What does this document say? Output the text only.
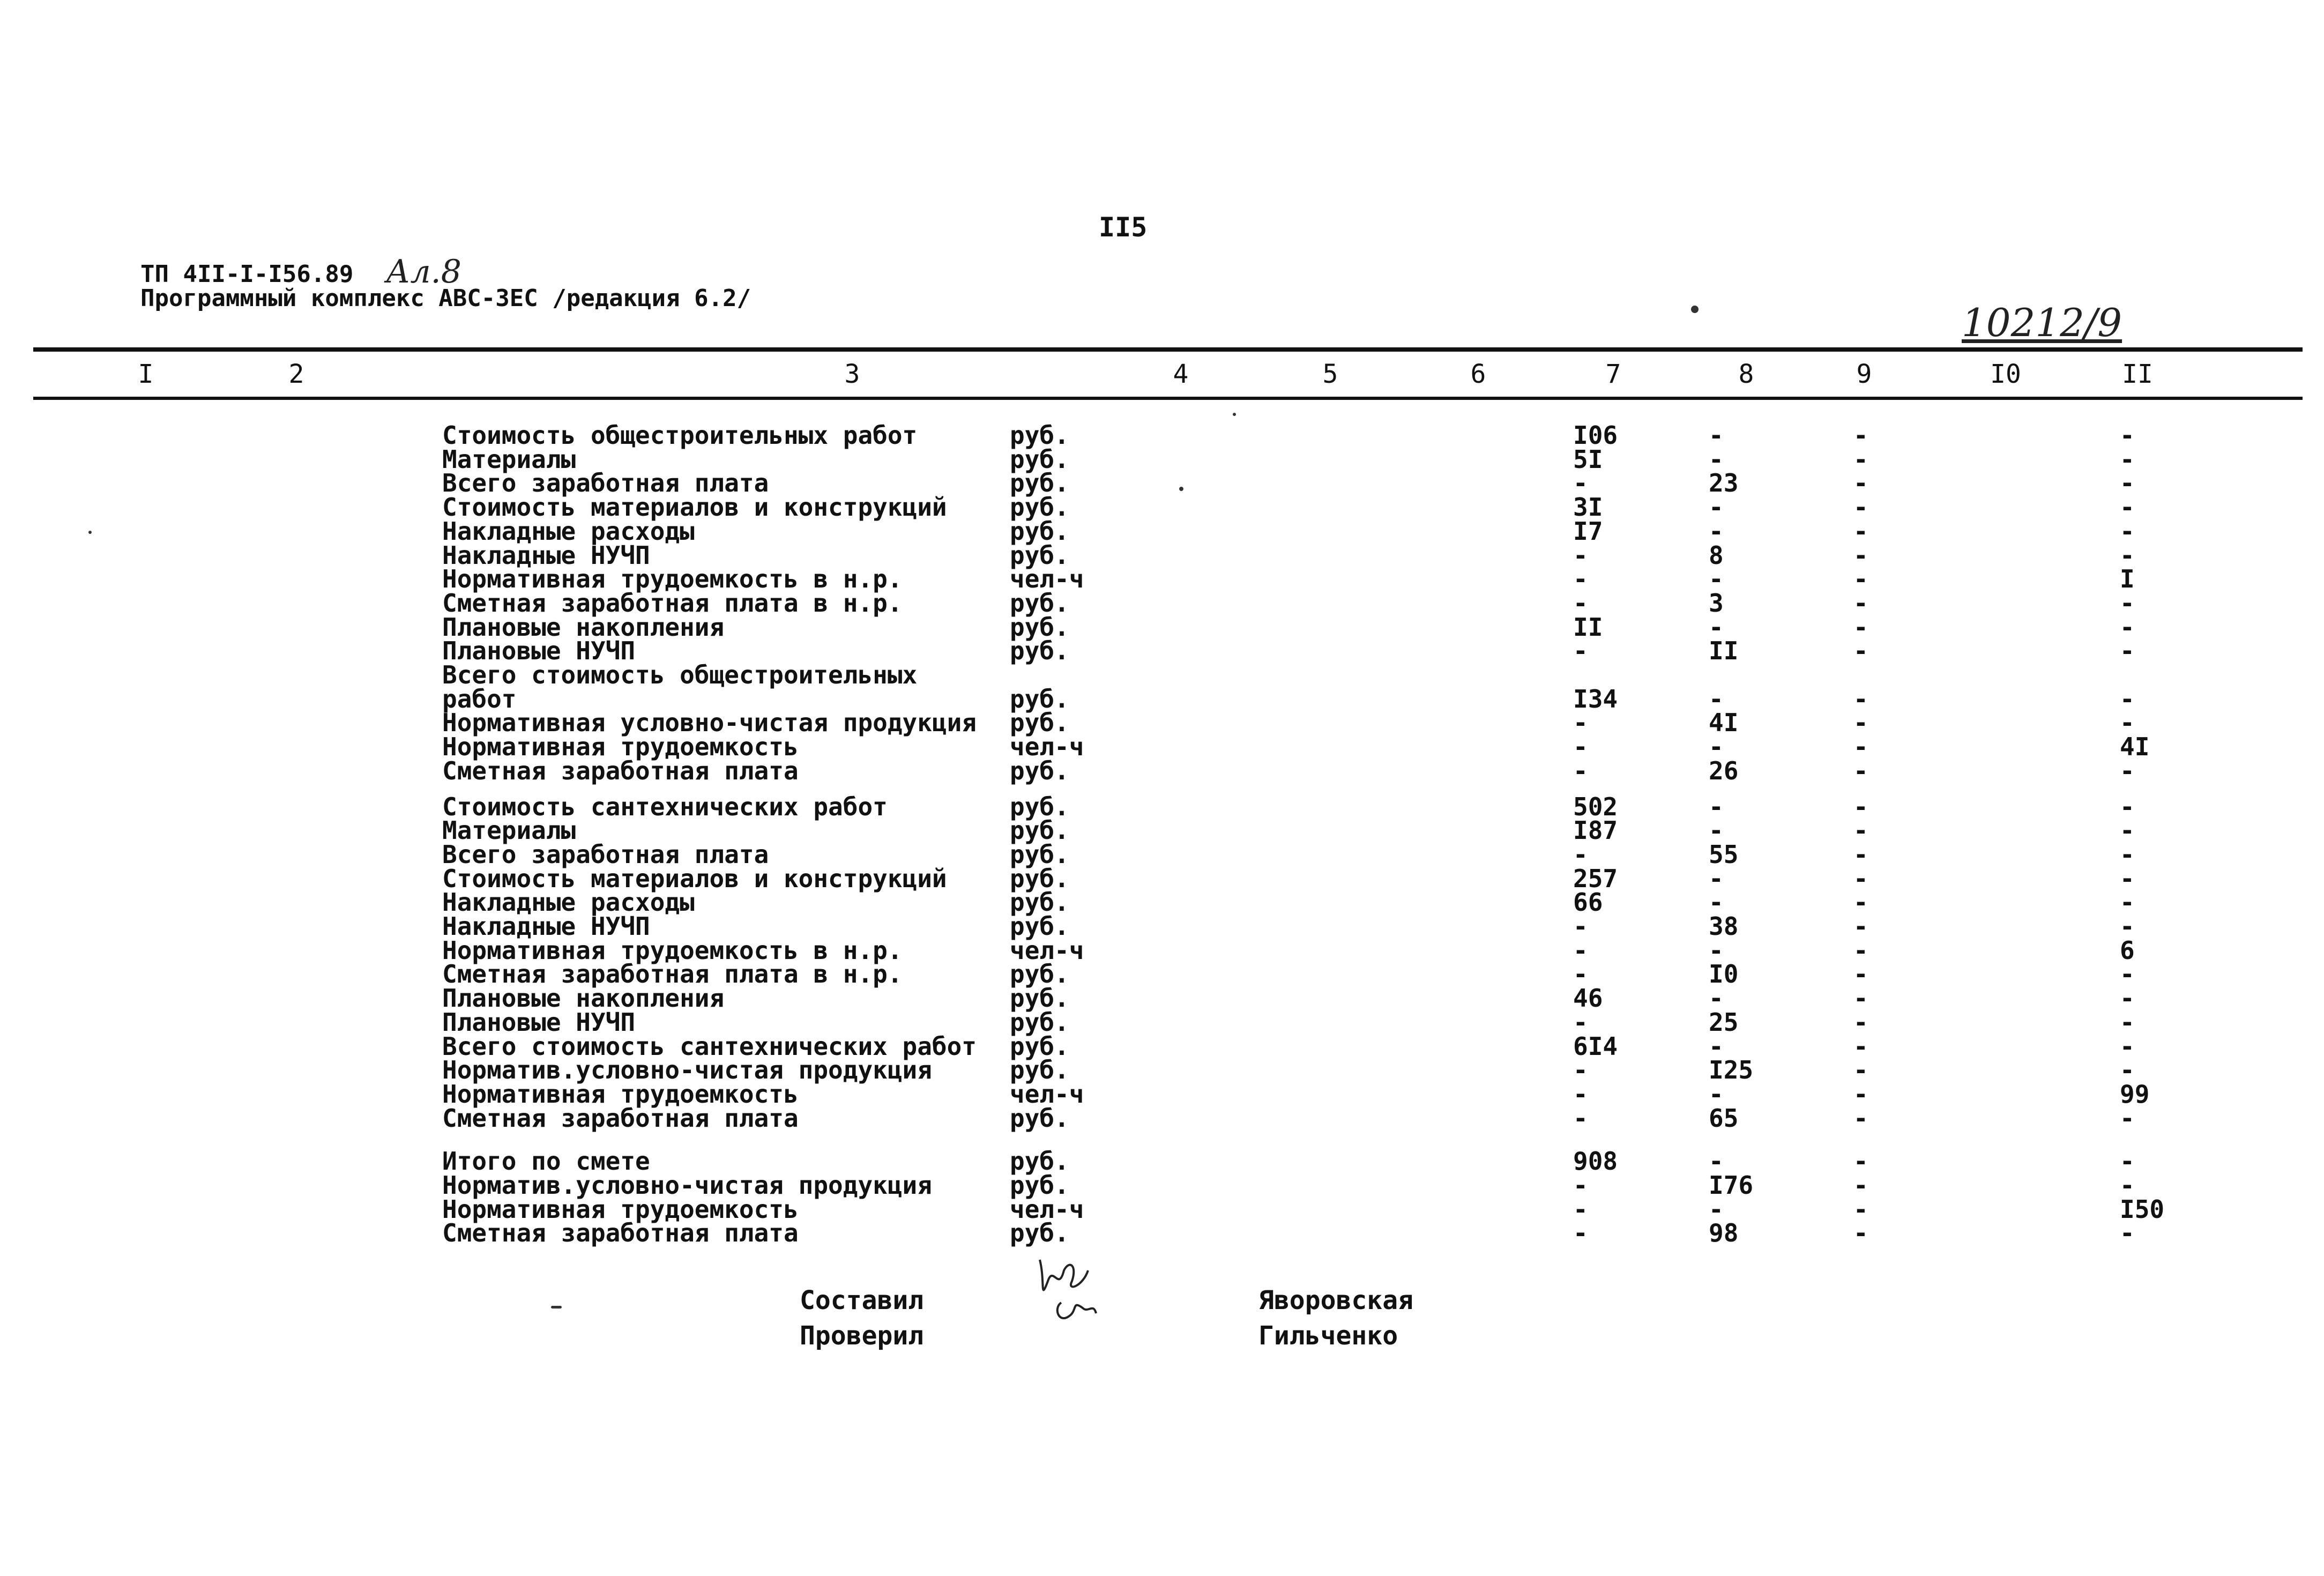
II5
ТП 4II-I-I56.89 Ал.8
Программный комплекс АВС-3ЕС /редакция 6.2/
10212/9
I	2	3	4	5	6	7	8	9	I0	II
Стоимость общестроительных работ	руб.	I06	-	-	-
Материалы	руб.	5I	-	-	-
Всего заработная плата	руб.	-	23	-	-
Стоимость материалов и конструкций	руб.	3I	-	-	-
Накладные расходы	руб.	I7	-	-	-
Накладные НУЧП	руб.	-	8	-	-
Нормативная трудоемкость в н.р.	чел-ч	-	-	-	I
Сметная заработная плата в н.р.	руб.	-	3	-	-
Плановые накопления	руб.	II	-	-	-
Плановые НУЧП	руб.	-	II	-	-
Всего стоимость общестроительных
работ	руб.	I34	-	-	-
Нормативная условно-чистая продукция руб.	-	4I	-	-
Нормативная трудоемкость	чел-ч	-	-	-	4I
Сметная заработная плата	руб.	-	26	-	-
Стоимость сантехнических работ	руб.	502	-	-	-
Материалы	руб.	I87	-	-	-
Всего заработная плата	руб.	-	55	-	-
Стоимость материалов и конструкций	руб.	257	-	-	-
Накладные расходы	руб.	66	-	-	-
Накладные НУЧП	руб.	-	38	-	-
Нормативная трудоемкость в н.р.	чел-ч	-	-	-	6
Сметная заработная плата в н.р.	руб.	-	I0	-	-
Плановые накопления	руб.	46	-	-	-
Плановые НУЧП	руб.	-	25	-	-
Всего стоимость сантехнических работ руб.	6I4	-	-	-
Норматив.условно-чистая продукция	руб.	-	I25	-	-
Нормативная трудоемкость	чел-ч	-	-	-	99
Сметная заработная плата	руб.	-	65	-	-
Итого по смете	руб.	908	-	-	-
Норматив.условно-чистая продукция	руб.	-	I76	-	-
Нормативная трудоемкость	чел-ч	-	-	-	I50
Сметная заработная плата	руб.	-	98	-	-
Составил	Яворовская
Проверил	Гильченко
